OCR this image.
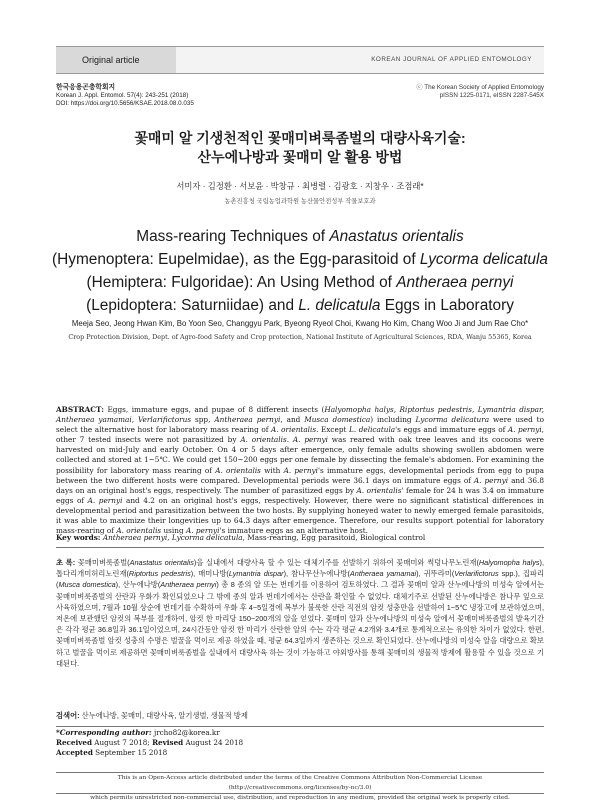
Original article	KOREAN JOURNAL OF APPLIED ENTOMOLOGY
한국응용곤충학회지
Korean J. Appl. Entomol. 57(4): 243-251 (2018)
DOI: https://doi.org/10.5656/KSAE.2018.08.0.035
ⓒ The Korean Society of Applied Entomology
pISSN 1225-0171, eISSN 2287-545X
꽃매미 알 기생천적인 꽃매미벼룩좀벌의 대량사육기술:
산누에나방과 꽃매미 알 활용 방법
서미자 · 김정환 · 서보윤 · 박창규 · 최병렬 · 김광호 · 지창우 · 조점래*
농촌진흥청 국립농업과학원 농산물안전성부 작물보호과
Mass-rearing Techniques of Anastatus orientalis
(Hymenoptera: Eupelmidae), as the Egg-parasitoid of Lycorma delicatula
(Hemiptera: Fulgoridae): An Using Method of Antheraea pernyi
(Lepidoptera: Saturniidae) and L. delicatula Eggs in Laboratory
Meeja Seo, Jeong Hwan Kim, Bo Yoon Seo, Changgyu Park, Byeong Ryeol Choi, Kwang Ho Kim, Chang Woo Ji and Jum Rae Cho*
Crop Protection Division, Dept. of Agro-food Safety and Crop protection, National Institute of Agricultural Sciences, RDA, Wanju 55365, Korea
ABSTRACT: Eggs, immature eggs, and pupae of 8 different insects (Halyomopha halys, Riptortus pedestris, Lymantria dispar, Antheraea yamamai, Verlarifictorus spp, Antheraea pernyi, and Musca domestica) including Lycorma delicatura were used to select the alternative host for laboratory mass rearing of A. orientalis. Except L. delicatula's eggs and immature eggs of A. pernyi, other 7 tested insects were not parasitized by A. orientalis. A. pernyi was reared with oak tree leaves and its cocoons were harvested on mid-July and early October. On 4 or 5 days after emergence, only female adults showing swollen abdomen were collected and stored at 1~5℃. We could get 150~200 eggs per one female by dissecting the female's abdomen. For examining the possibility for laboratory mass rearing of A. orientalis with A. pernyi's immature eggs, developmental periods from egg to pupa between the two different hosts were compared. Developmental periods were 36.1 days on immature eggs of A. pernyi and 36.8 days on an original host's eggs, respectively. The number of parasitized eggs by A. orientalis' female for 24 h was 3.4 on immature eggs of A. pernyi and 4.2 on an original host's eggs, respectively. However, there were no significant statistical differences in developmental period and parasitization between the two hosts. By supplying honeyed water to newly emerged female parasitoids, it was able to maximize their longevities up to 64.3 days after emergence. Therefore, our results support potential for laboratory mass-rearing of A. orientalis using A. pernyi's immature eggs as an alternative host.
Key words: Antheraea pernyi, Lycorma delicatula, Mass-rearing, Egg parasitoid, Biological control
초 록: 꽃매미벼룩좀벌(Anastatus orientalis)을 실내에서 대량사육 할 수 있는 대체기주를 선발하기 위하여 꽃매미와 썩덩나무노린재(Halyomopha halys), 톱다리개미허리노린재(Riptortus pedestris), 매미나방(Lymantria dispar), 참나무산누에나방(Antheraea yamamai), 귀뚜라미(Verlarifictorus spp.), 집파리(Musca domestica), 산누에나방(Antheraea pernyi) 총 8 종의 알 또는 번데기를 이용하여 검토하였다. 그 결과 꽃매미 알과 산누에나방의 미성숙 알에서는 꽃매미벼룩좀벌의 산란과 우화가 확인되었으나 그 밖에 종의 알과 번데기에서는 산란을 확인할 수 없었다. 대체기주로 선발된 산누에나방은 참나무 잎으로 사육하였으며, 7월과 10월 상순에 번데기를 수확하여 우화 후 4~5일경에 복부가 불룩한 산란 직전의 암컷 성충만을 선발하여 1~5℃ 냉장고에 보관하였으며, 저온에 보관했던 암컷의 복부를 절개하여, 암컷 한 마리당 150~200개의 알을 얻었다. 꽃매미 알과 산누에나방의 미성숙 알에서 꽃매미벼룩좀벌의 발육기간은 각각 평균 36.8일과 36.1일이었으며, 24시간동안 암컷 한 마리가 산란한 알의 수는 각각 평균 4.2개와 3.4개로 통계적으로는 유의한 차이가 없었다. 한편, 꽃매미벼룩좀벌 암컷 성충의 수명은 벌꿀을 먹이로 제공 하였을 때, 평균 64.3일까지 생존하는 것으로 확인되었다. 산누에나방의 미성숙 알을 대량으로 확보하고 벌꿀을 먹이로 제공하면 꽃매미벼룩좀벌을 실내에서 대량사육 하는 것이 가능하고 야외방사를 통해 꽃매미의 생물적 방제에 활용할 수 있을 것으로 기대된다.
검색어: 산누에나방, 꽃매미, 대량사육, 알기생벌, 생물적 방제
*Corresponding author: jrcho82@korea.kr
Received August 7 2018; Revised August 24 2018
Accepted September 15 2018
This is an Open-Access article distributed under the terms of the Creative Commons Attribution Non-Commercial License (http://creativecommons.org/licenses/by-nc/3.0)
which permits unrestricted non-commercial use, distribution, and reproduction in any medium, provided the original work is properly cited.
